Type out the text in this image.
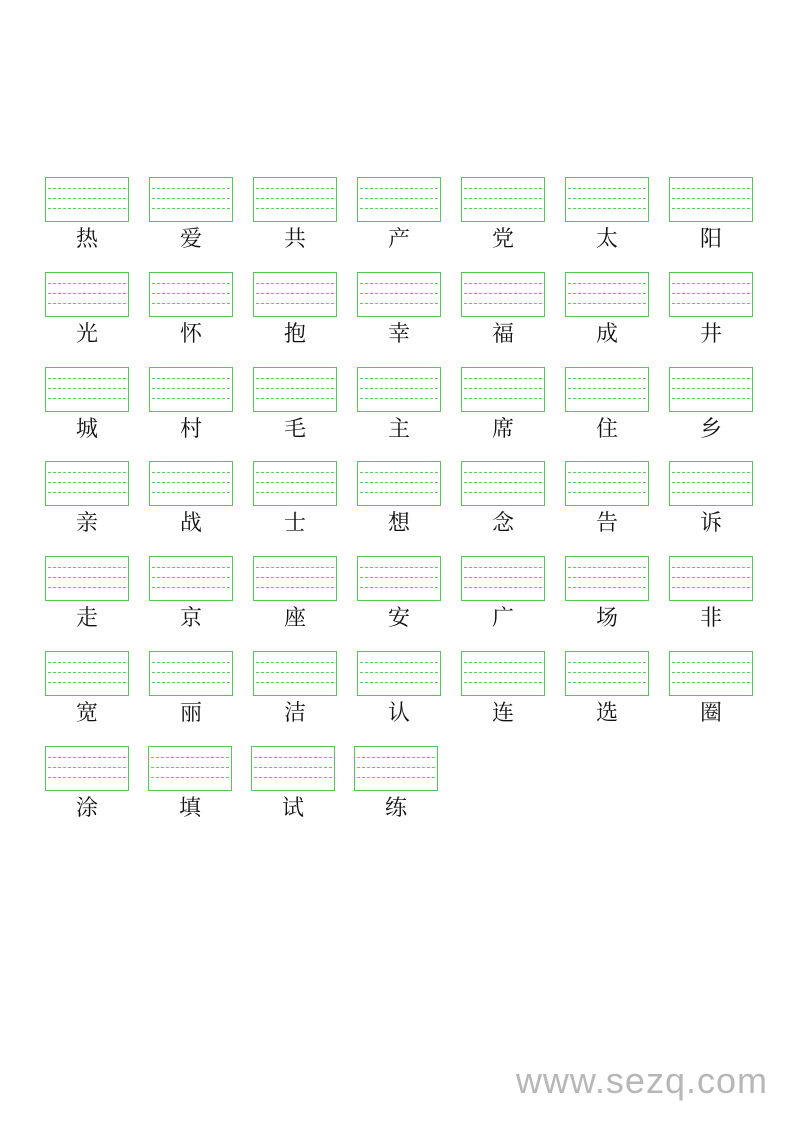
热	爱	共	产	党	太	阳
光	怀	抱	幸	福	成	井
城	村	毛	主	席	住	乡
亲	战	士	想	念	告	诉
走	京	座	安	广	场	非
宽	丽	洁	认	连	选	圈
涂	填	试	练
www.sezq.com
